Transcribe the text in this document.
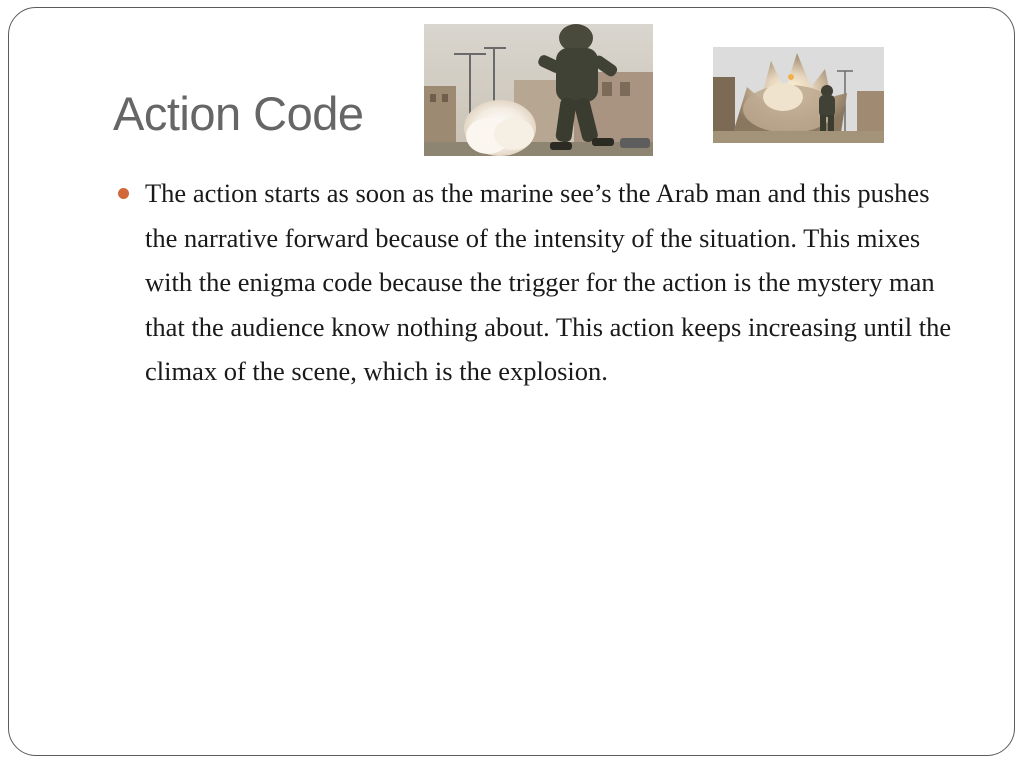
Action Code
The action starts as soon as the marine see’s the Arab man and this pushes the narrative forward because of the intensity of the situation. This mixes with the enigma code because the trigger for the action is the mystery man that the audience know nothing about. This action keeps increasing until the climax of the scene, which is the explosion.
